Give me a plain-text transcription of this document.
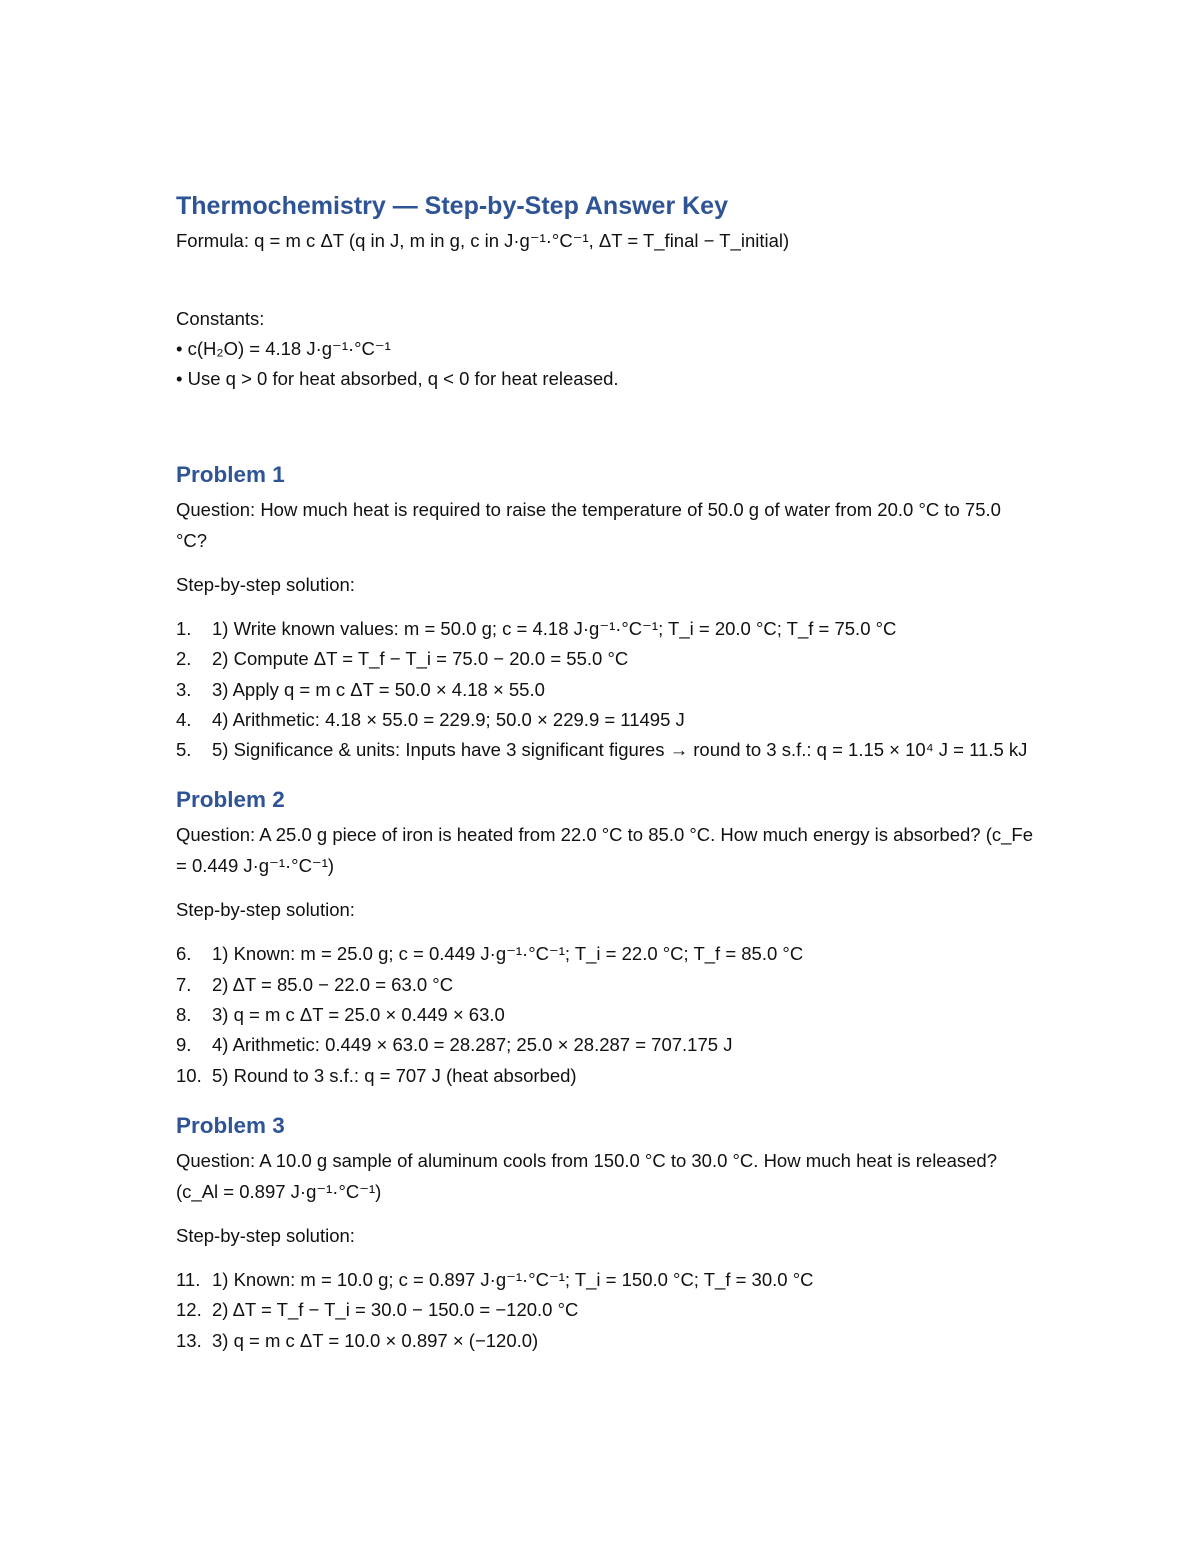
Thermochemistry — Step-by-Step Answer Key

Formula: q = m c ΔT (q in J, m in g, c in J·g⁻¹·°C⁻¹, ΔT = T_final − T_initial)

Constants:

• c(H₂O) = 4.18 J·g⁻¹·°C⁻¹

• Use q > 0 for heat absorbed, q < 0 for heat released.

Problem 1

Question: How much heat is required to raise the temperature of 50.0 g of water from 20.0 °C to 75.0 °C?

Step-by-step solution:

1. 1) Write known values: m = 50.0 g; c = 4.18 J·g⁻¹·°C⁻¹; T_i = 20.0 °C; T_f = 75.0 °C
2. 2) Compute ΔT = T_f − T_i = 75.0 − 20.0 = 55.0 °C
3. 3) Apply q = m c ΔT = 50.0 × 4.18 × 55.0
4. 4) Arithmetic: 4.18 × 55.0 = 229.9; 50.0 × 229.9 = 11495 J
5. 5) Significance & units: Inputs have 3 significant figures → round to 3 s.f.: q = 1.15 × 10⁴ J = 11.5 kJ
Problem 2

Question: A 25.0 g piece of iron is heated from 22.0 °C to 85.0 °C. How much energy is absorbed? (c_Fe = 0.449 J·g⁻¹·°C⁻¹)

Step-by-step solution:

6. 1) Known: m = 25.0 g; c = 0.449 J·g⁻¹·°C⁻¹; T_i = 22.0 °C; T_f = 85.0 °C
7. 2) ΔT = 85.0 − 22.0 = 63.0 °C
8. 3) q = m c ΔT = 25.0 × 0.449 × 63.0
9. 4) Arithmetic: 0.449 × 63.0 = 28.287; 25.0 × 28.287 = 707.175 J
10. 5) Round to 3 s.f.: q = 707 J (heat absorbed)
Problem 3

Question: A 10.0 g sample of aluminum cools from 150.0 °C to 30.0 °C. How much heat is released? (c_Al = 0.897 J·g⁻¹·°C⁻¹)

Step-by-step solution:

11. 1) Known: m = 10.0 g; c = 0.897 J·g⁻¹·°C⁻¹; T_i = 150.0 °C; T_f = 30.0 °C
12. 2) ΔT = T_f − T_i = 30.0 − 150.0 = −120.0 °C
13. 3) q = m c ΔT = 10.0 × 0.897 × (−120.0)
